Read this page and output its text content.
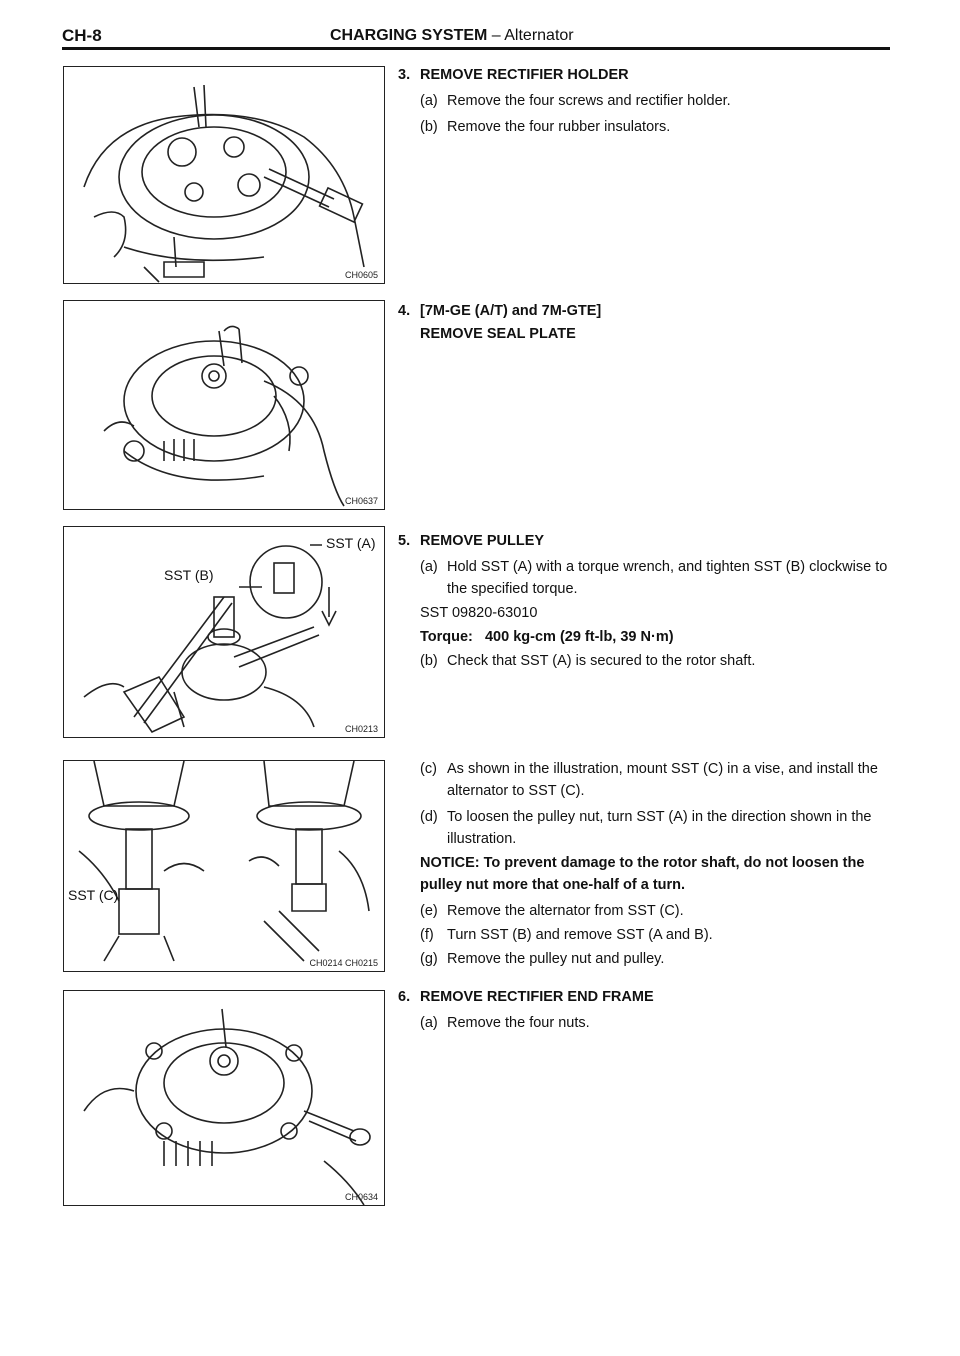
CH-8	CHARGING SYSTEM – Alternator
CH0605
CH0637
SST (B)
SST (A)
CH0213
SST (C)
CH0214 CH0215
CH0634
3. REMOVE RECTIFIER HOLDER
(a) Remove the four screws and rectifier holder.
(b) Remove the four rubber insulators.
4. [7M-GE (A/T) and 7M-GTE]
REMOVE SEAL PLATE
5. REMOVE PULLEY
(a) Hold SST (A) with a torque wrench, and tighten SST (B) clockwise to the specified torque.
SST 09820-63010
Torque: 400 kg-cm (29 ft-lb, 39 N·m)
(b) Check that SST (A) is secured to the rotor shaft.
(c) As shown in the illustration, mount SST (C) in a vise, and install the alternator to SST (C).
(d) To loosen the pulley nut, turn SST (A) in the direction shown in the illustration.
NOTICE: To prevent damage to the rotor shaft, do not loosen the pulley nut more that one-half of a turn.
(e) Remove the alternator from SST (C).
(f) Turn SST (B) and remove SST (A and B).
(g) Remove the pulley nut and pulley.
6. REMOVE RECTIFIER END FRAME
(a) Remove the four nuts.
